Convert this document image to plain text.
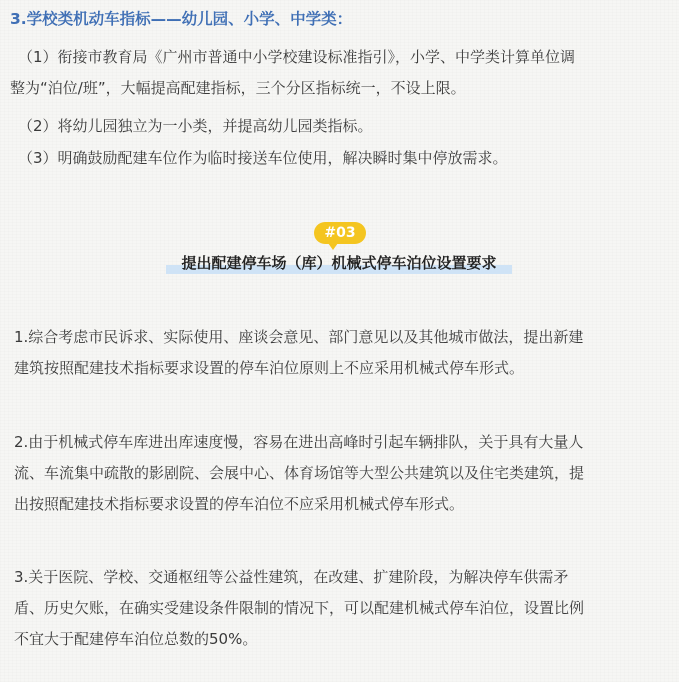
3.学校类机动车指标——幼儿园、小学、中学类：
（1）衔接市教育局《广州市普通中小学校建设标准指引》，小学、中学类计算单位调
整为“泊位/班”，大幅提高配建指标，三个分区指标统一，不设上限。
（2）将幼儿园独立为一小类，并提高幼儿园类指标。
（3）明确鼓励配建车位作为临时接送车位使用，解决瞬时集中停放需求。
#03
提出配建停车场（库）机械式停车泊位设置要求
1.综合考虑市民诉求、实际使用、座谈会意见、部门意见以及其他城市做法，提出新建
建筑按照配建技术指标要求设置的停车泊位原则上不应采用机械式停车形式。
2.由于机械式停车库进出库速度慢，容易在进出高峰时引起车辆排队，关于具有大量人
流、车流集中疏散的影剧院、会展中心、体育场馆等大型公共建筑以及住宅类建筑，提
出按照配建技术指标要求设置的停车泊位不应采用机械式停车形式。
3.关于医院、学校、交通枢纽等公益性建筑，在改建、扩建阶段，为解决停车供需矛
盾、历史欠账，在确实受建设条件限制的情况下，可以配建机械式停车泊位，设置比例
不宜大于配建停车泊位总数的50%。
